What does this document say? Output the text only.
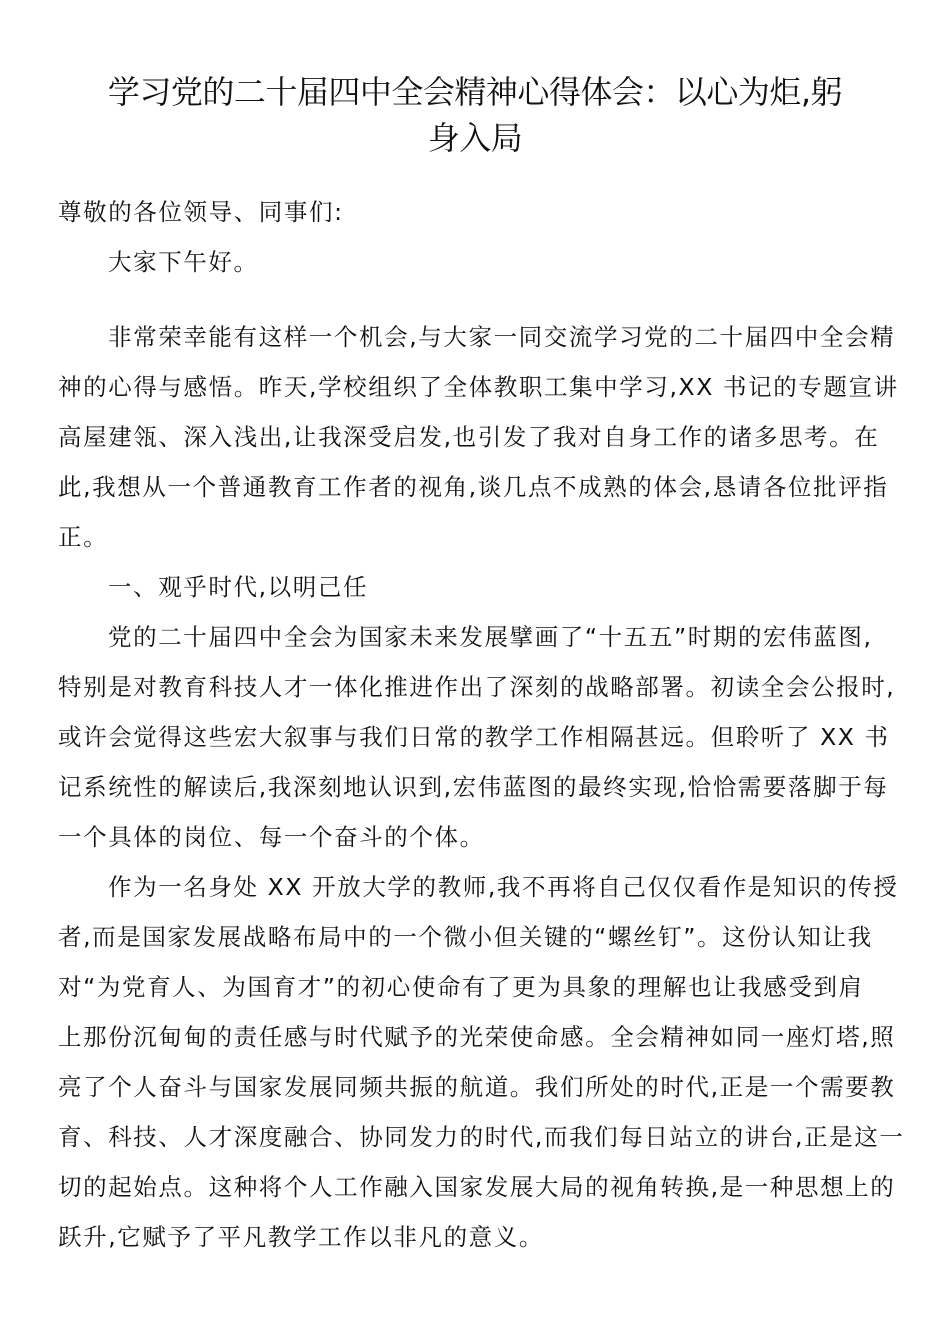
学习党的二十届四中全会精神心得体会：以心为炬,躬
身入局
尊敬的各位领导、同事们:
大家下午好。
非常荣幸能有这样一个机会,与大家一同交流学习党的二十届四中全会精
神的心得与感悟。昨天,学校组织了全体教职工集中学习,XX 书记的专题宣讲
高屋建瓴、深入浅出,让我深受启发,也引发了我对自身工作的诸多思考。在
此,我想从一个普通教育工作者的视角,谈几点不成熟的体会,恳请各位批评指
正。
一、观乎时代,以明己任
党的二十届四中全会为国家未来发展擘画了“十五五”时期的宏伟蓝图,
特别是对教育科技人才一体化推进作出了深刻的战略部署。初读全会公报时,
或许会觉得这些宏大叙事与我们日常的教学工作相隔甚远。但聆听了 XX 书
记系统性的解读后,我深刻地认识到,宏伟蓝图的最终实现,恰恰需要落脚于每
一个具体的岗位、每一个奋斗的个体。
作为一名身处 XX 开放大学的教师,我不再将自己仅仅看作是知识的传授
者,而是国家发展战略布局中的一个微小但关键的“螺丝钉”。这份认知让我
对“为党育人、为国育才”的初心使命有了更为具象的理解也让我感受到肩
上那份沉甸甸的责任感与时代赋予的光荣使命感。全会精神如同一座灯塔,照
亮了个人奋斗与国家发展同频共振的航道。我们所处的时代,正是一个需要教
育、科技、人才深度融合、协同发力的时代,而我们每日站立的讲台,正是这一
切的起始点。这种将个人工作融入国家发展大局的视角转换,是一种思想上的
跃升,它赋予了平凡教学工作以非凡的意义。
